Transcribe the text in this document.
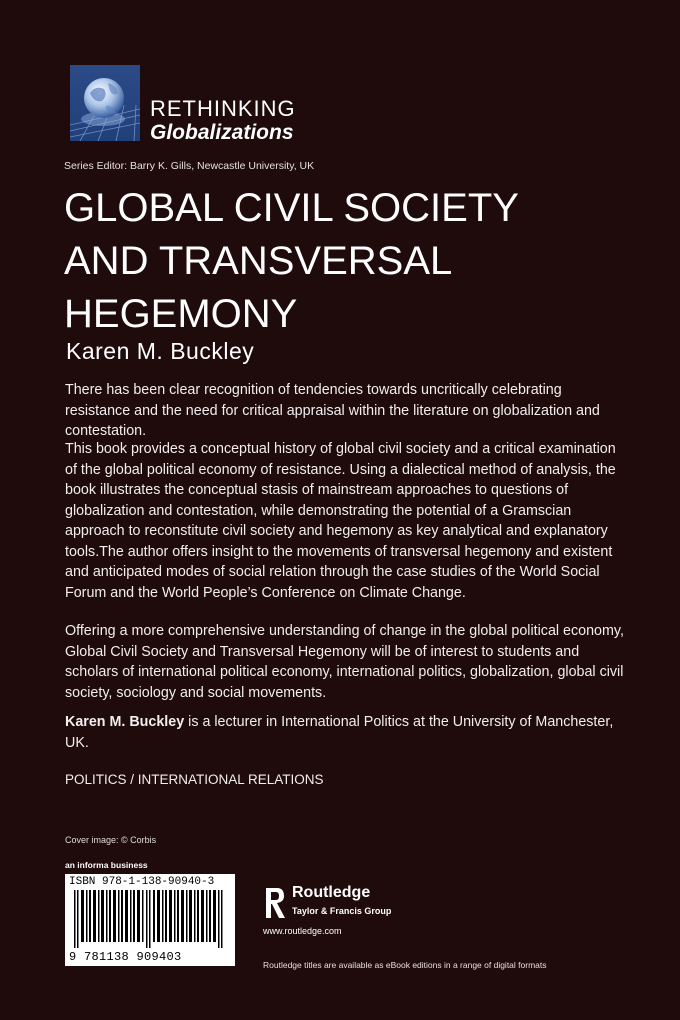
RETHINKING
Globalizations
Series Editor: Barry K. Gills, Newcastle University, UK
GLOBAL CIVIL SOCIETY
AND TRANSVERSAL
HEGEMONY
Karen M. Buckley

There has been clear recognition of tendencies towards uncritically celebrating resistance and the need for critical appraisal within the literature on globalization and contestation.

This book provides a conceptual history of global civil society and a critical examination of the global political economy of resistance. Using a dialectical method of analysis, the book illustrates the conceptual stasis of mainstream approaches to questions of globalization and contestation, while demonstrating the potential of a Gramscian approach to reconstitute civil society and hegemony as key analytical and explanatory tools.The author offers insight to the movements of transversal hegemony and existent and anticipated modes of social relation through the case studies of the World Social Forum and the World People’s Conference on Climate Change.

Offering a more comprehensive understanding of change in the global political economy, Global Civil Society and Transversal Hegemony will be of interest to students and scholars of international political economy, international politics, globalization, global civil society, sociology and social movements.

Karen M. Buckley is a lecturer in International Politics at the University of Manchester, UK.

POLITICS / INTERNATIONAL RELATIONS
Cover image: © Corbis
an informa business
ISBN 978-1-138-90940-3
9 781138 909403
Routledge
Taylor & Francis Group
www.routledge.com
Routledge titles are available as eBook editions in a range of digital formats
